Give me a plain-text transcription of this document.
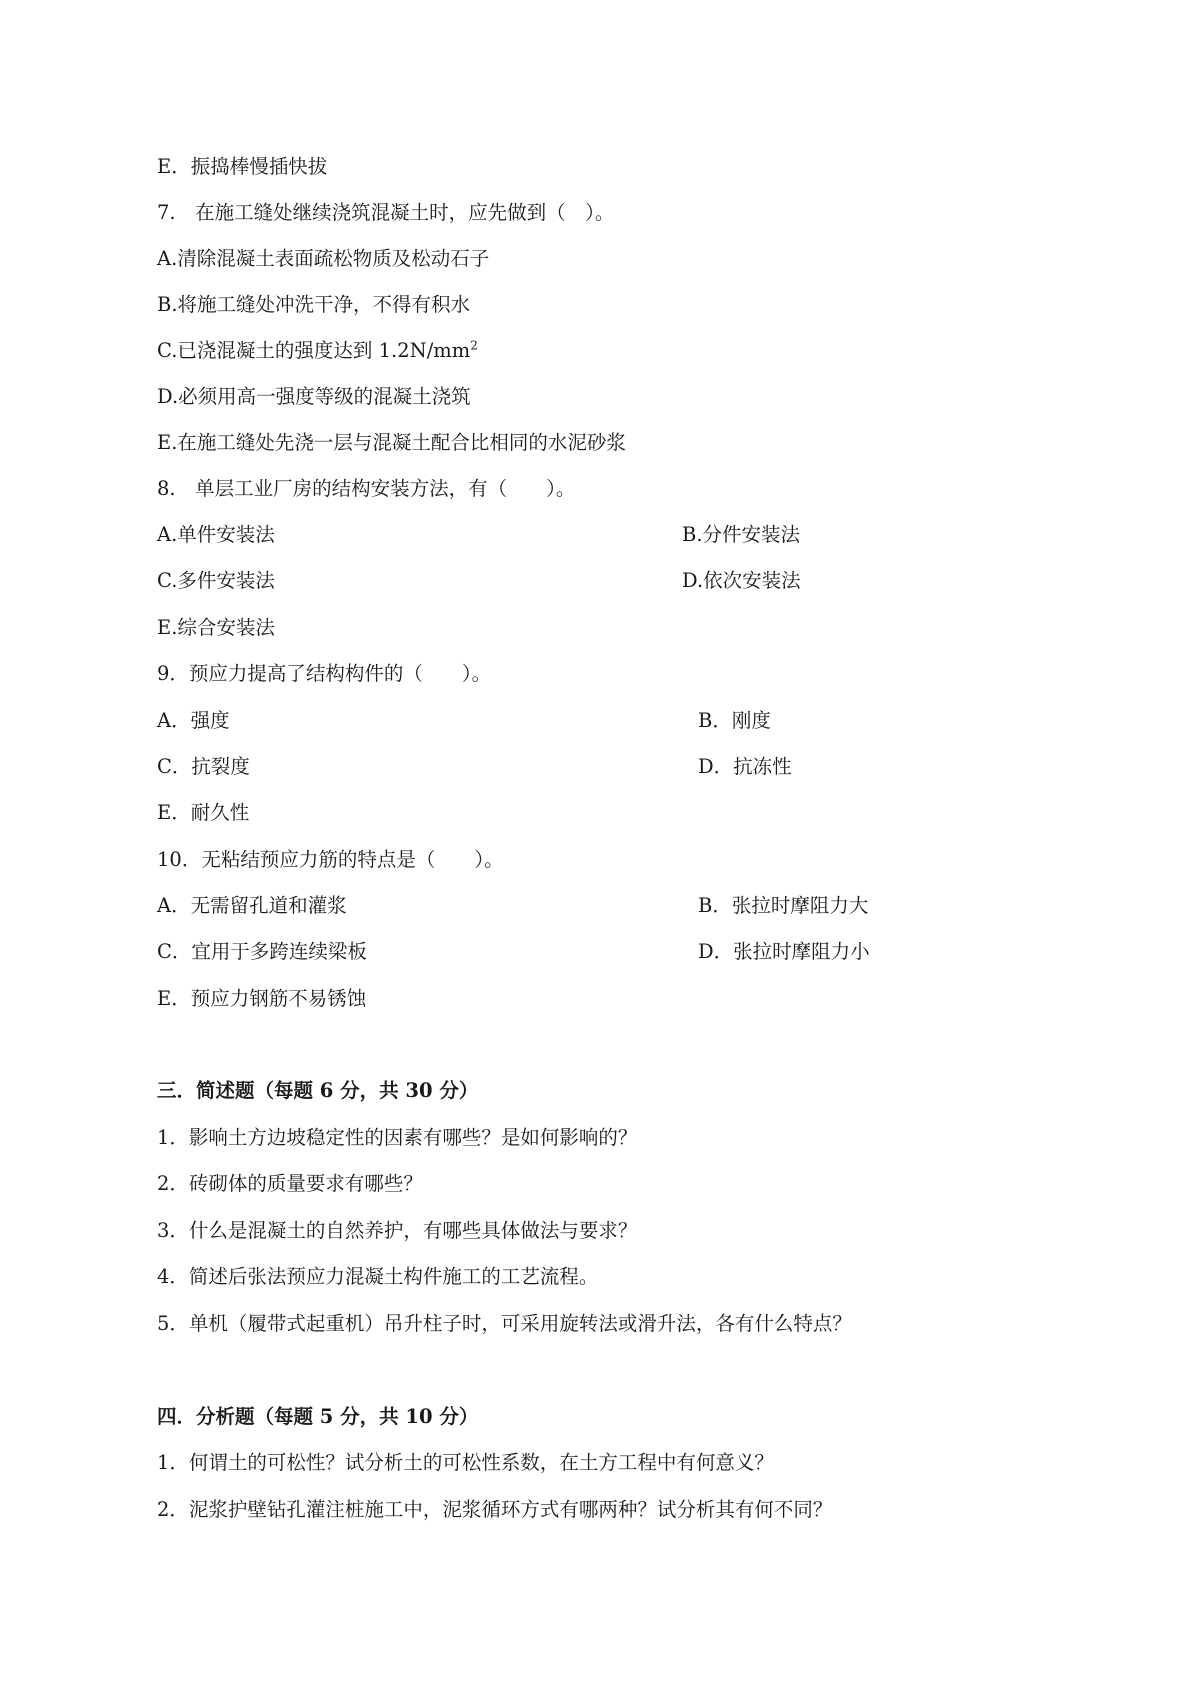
E．振捣棒慢插快拔
7.　在施工缝处继续浇筑混凝土时，应先做到（　）。
A.清除混凝土表面疏松物质及松动石子
B.将施工缝处冲洗干净，不得有积水
C.已浇混凝土的强度达到 $1.2N/mm^2$
D.必须用高一强度等级的混凝土浇筑
E.在施工缝处先浇一层与混凝土配合比相同的水泥砂浆
8.　单层工业厂房的结构安装方法，有（　　）。
A.单件安装法	B.分件安装法
C.多件安装法	D.依次安装法
E.综合安装法
9．预应力提高了结构构件的（　　）。
A．强度	B．刚度
C．抗裂度	D．抗冻性
E．耐久性
10．无粘结预应力筋的特点是（　　）。
A．无需留孔道和灌浆	B．张拉时摩阻力大
C．宜用于多跨连续梁板	D．张拉时摩阻力小
E．预应力钢筋不易锈蚀
三．简述题（每题 6 分，共 30 分）
1．影响土方边坡稳定性的因素有哪些？是如何影响的？
2．砖砌体的质量要求有哪些？
3．什么是混凝土的自然养护，有哪些具体做法与要求？
4．简述后张法预应力混凝土构件施工的工艺流程。
5．单机（履带式起重机）吊升柱子时，可采用旋转法或滑升法，各有什么特点？
四．分析题（每题 5 分，共 10 分）
1．何谓土的可松性？试分析土的可松性系数，在土方工程中有何意义？
2．泥浆护壁钻孔灌注桩施工中，泥浆循环方式有哪两种？试分析其有何不同？
